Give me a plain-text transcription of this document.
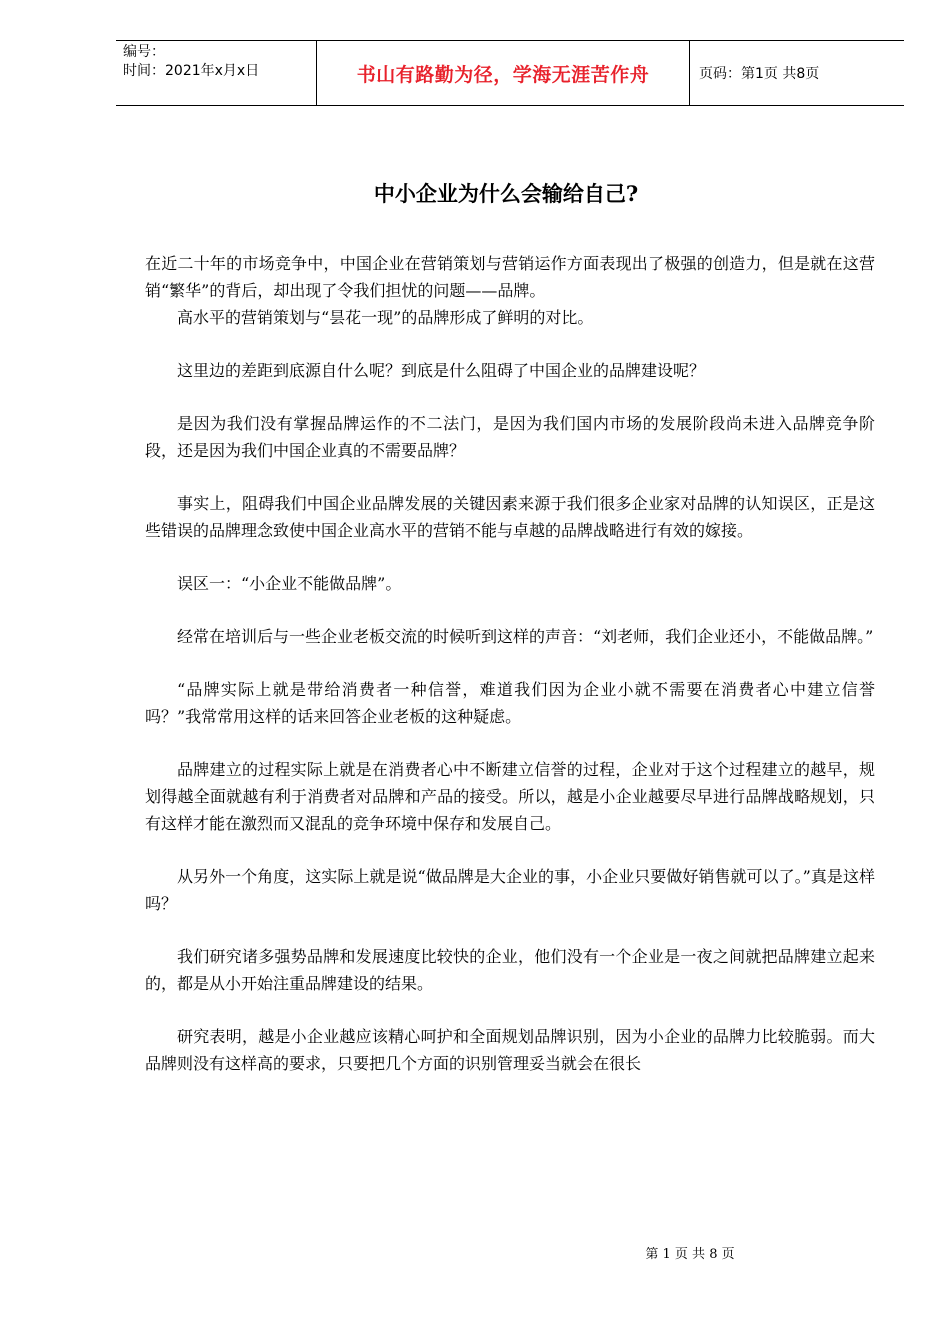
编号：
时间：2021年x月x日	书山有路勤为径，学海无涯苦作舟	页码：第1页 共8页
中小企业为什么会输给自己?

在近二十年的市场竞争中，中国企业在营销策划与营销运作方面表现出了极强的创造力，但是就在这营销“繁华”的背后，却出现了令我们担忧的问题——品牌。

高水平的营销策划与“昙花一现”的品牌形成了鲜明的对比。

这里边的差距到底源自什么呢？到底是什么阻碍了中国企业的品牌建设呢？

是因为我们没有掌握品牌运作的不二法门，是因为我们国内市场的发展阶段尚未进入品牌竞争阶段，还是因为我们中国企业真的不需要品牌？

事实上，阻碍我们中国企业品牌发展的关键因素来源于我们很多企业家对品牌的认知误区，正是这些错误的品牌理念致使中国企业高水平的营销不能与卓越的品牌战略进行有效的嫁接。

误区一：“小企业不能做品牌”。

经常在培训后与一些企业老板交流的时候听到这样的声音：“刘老师，我们企业还小，不能做品牌。”

“品牌实际上就是带给消费者一种信誉，难道我们因为企业小就不需要在消费者心中建立信誉吗？”我常常用这样的话来回答企业老板的这种疑虑。

品牌建立的过程实际上就是在消费者心中不断建立信誉的过程，企业对于这个过程建立的越早，规划得越全面就越有利于消费者对品牌和产品的接受。所以，越是小企业越要尽早进行品牌战略规划，只有这样才能在激烈而又混乱的竞争环境中保存和发展自己。

从另外一个角度，这实际上就是说“做品牌是大企业的事，小企业只要做好销售就可以了。”真是这样吗？

我们研究诸多强势品牌和发展速度比较快的企业，他们没有一个企业是一夜之间就把品牌建立起来的，都是从小开始注重品牌建设的结果。

研究表明，越是小企业越应该精心呵护和全面规划品牌识别，因为小企业的品牌力比较脆弱。而大品牌则没有这样高的要求，只要把几个方面的识别管理妥当就会在很长

第 1 页 共 8 页
